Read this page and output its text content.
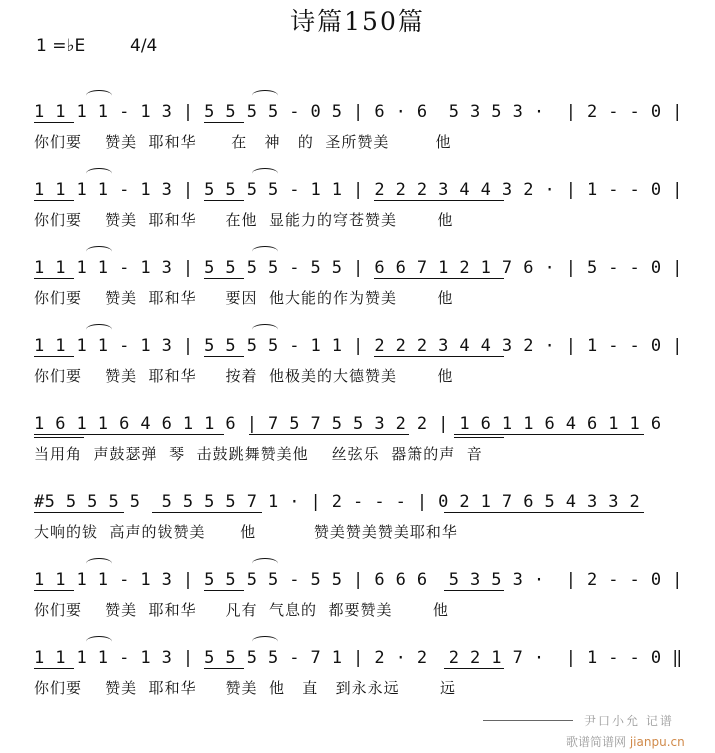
诗篇150篇
1 =♭E	4/4
1 1 1 1 - 1 3 | 5 5 5 5 - 0 5 | 6 · 6  5 3 5 3 ·  | 2 - - 0 |
你们要    赞美  耶和华      在   神   的  圣所赞美        他
1 1 1 1 - 1 3 | 5 5 5 5 - 1 1 | 2 2 2 3 4 4 3 2 · | 1 - - 0 |
你们要    赞美  耶和华     在他  显能力的穹苍赞美       他
1 1 1 1 - 1 3 | 5 5 5 5 - 5 5 | 6 6 7 1 2 1 7 6 · | 5 - - 0 |
你们要    赞美  耶和华     要因  他大能的作为赞美       他
1 1 1 1 - 1 3 | 5 5 5 5 - 1 1 | 2 2 2 3 4 4 3 2 · | 1 - - 0 |
你们要    赞美  耶和华     按着  他极美的大德赞美       他
1 6 1 1 6 4 6 1 1 6 | 7 5 7 5 5 3 2 2 | 1 6 1 1 6 4 6 1 1 6
当用角  声鼓瑟弹  琴  击鼓跳舞赞美他    丝弦乐  器箫的声  音
#5 5 5 5 5  5 5 5 5 7 1 · | 2 - - - | 0 2 1 7 6 5 4 3 3 2
大响的钹  高声的钹赞美      他          赞美赞美赞美耶和华
1 1 1 1 - 1 3 | 5 5 5 5 - 5 5 | 6 6 6  5 3 5 3 ·  | 2 - - 0 |
你们要    赞美  耶和华     凡有  气息的  都要赞美       他
1 1 1 1 - 1 3 | 5 5 5 5 - 7 1 | 2 · 2  2 2 1 7 ·  | 1 - - 0 ‖
你们要    赞美  耶和华     赞美  他   直   到永永远       远
尹口小允 记谱
歌谱简谱网 jianpu.cn
